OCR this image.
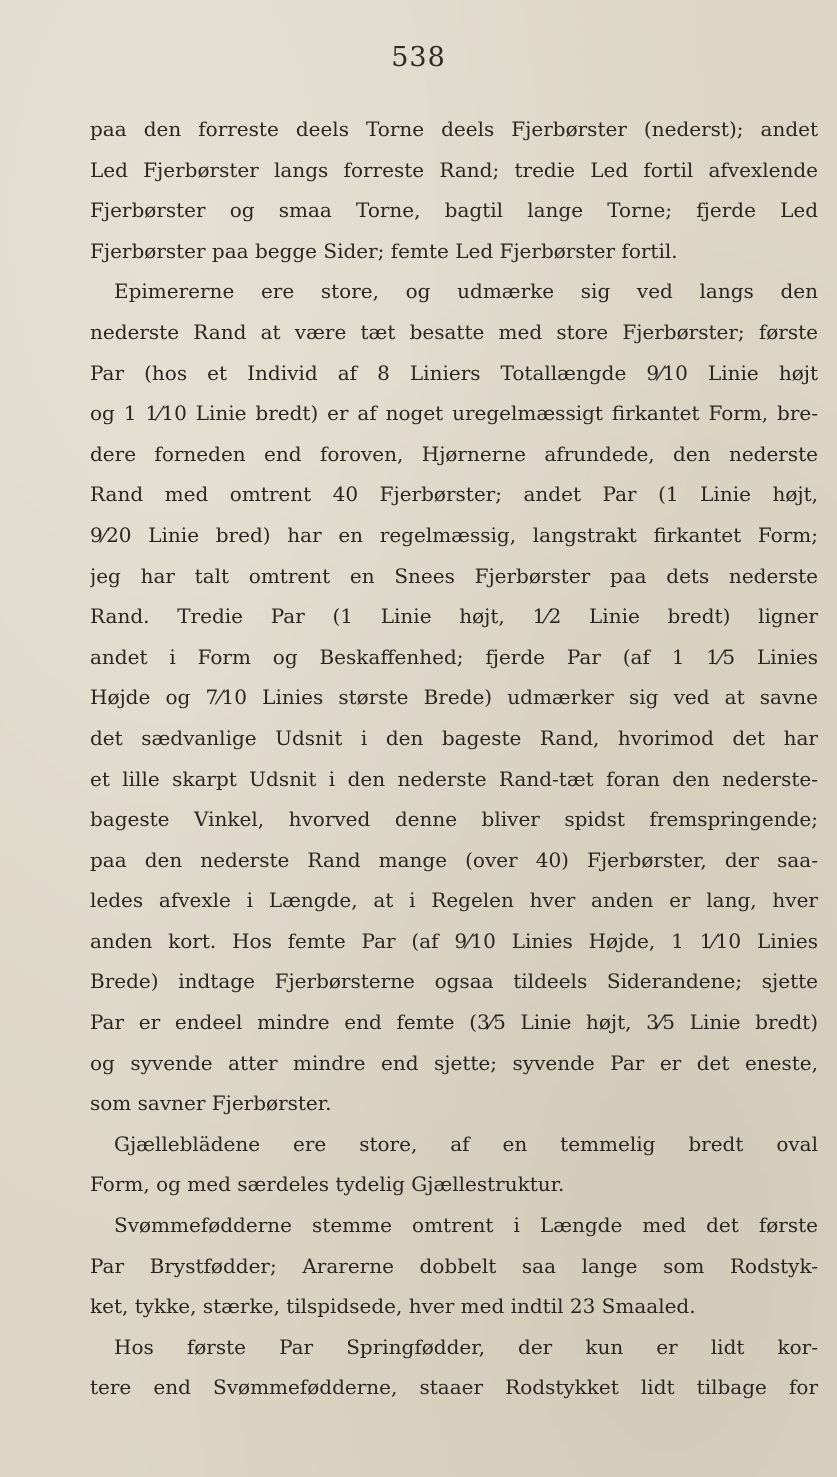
538
paa den forreste deels Torne deels Fjerbørster (nederst); andet
Led Fjerbørster langs forreste Rand; tredie Led fortil afvexlende
Fjerbørster og smaa Torne, bagtil lange Torne; fjerde Led
Fjerbørster paa begge Sider; femte Led Fjerbørster fortil.
Epimererne ere store, og udmærke sig ved langs den
nederste Rand at være tæt besatte med store Fjerbørster; første
Par (hos et Individ af 8 Liniers Totallængde 9⁄10 Linie højt
og 1 1⁄10 Linie bredt) er af noget uregelmæssigt firkantet Form, bre-
dere forneden end foroven, Hjørnerne afrundede, den nederste
Rand med omtrent 40 Fjerbørster; andet Par (1 Linie højt,
9⁄20 Linie bred) har en regelmæssig, langstrakt firkantet Form;
jeg har talt omtrent en Snees Fjerbørster paa dets nederste
Rand. Tredie Par (1 Linie højt, 1⁄2 Linie bredt) ligner
andet i Form og Beskaffenhed; fjerde Par (af 1 1⁄5 Linies
Højde og 7⁄10 Linies største Brede) udmærker sig ved at savne
det sædvanlige Udsnit i den bageste Rand, hvorimod det har
et lille skarpt Udsnit i den nederste Rand-tæt foran den nederste-
bageste Vinkel, hvorved denne bliver spidst fremspringende;
paa den nederste Rand mange (over 40) Fjerbørster, der saa-
ledes afvexle i Længde, at i Regelen hver anden er lang, hver
anden kort. Hos femte Par (af 9⁄10 Linies Højde, 1 1⁄10 Linies
Brede) indtage Fjerbørsterne ogsaa tildeels Siderandene; sjette
Par er endeel mindre end femte (3⁄5 Linie højt, 3⁄5 Linie bredt)
og syvende atter mindre end sjette; syvende Par er det eneste,
som savner Fjerbørster.
Gjælleblädene ere store, af en temmelig bredt oval
Form, og med særdeles tydelig Gjællestruktur.
Svømmefødderne stemme omtrent i Længde med det første
Par Brystfødder; Ararerne dobbelt saa lange som Rodstyk-
ket, tykke, stærke, tilspidsede, hver med indtil 23 Smaaled.
Hos første Par Springfødder, der kun er lidt kor-
tere end Svømmefødderne, staaer Rodstykket lidt tilbage for
